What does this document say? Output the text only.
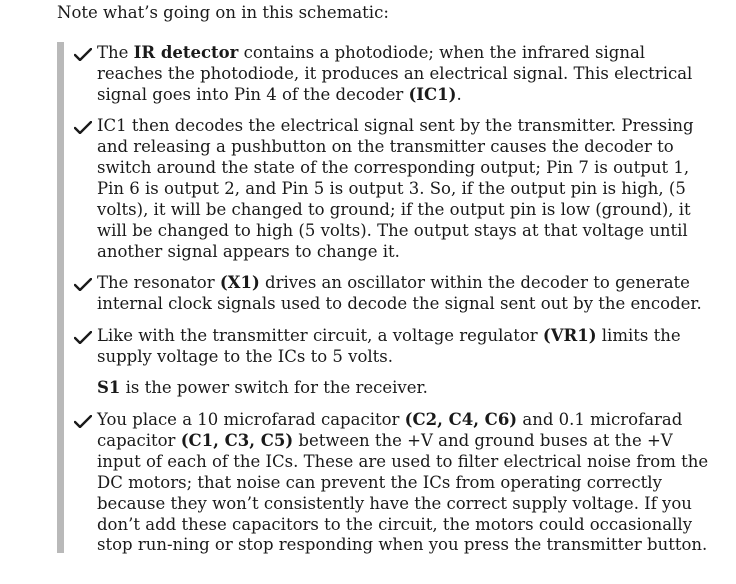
Note what’s going on in this schematic:

The IR detector contains a photodiode; when the infrared signal reaches the photodiode, it produces an electrical signal. This electrical signal goes into Pin 4 of the decoder (IC1).
IC1 then decodes the electrical signal sent by the transmitter. Pressing and releasing a pushbutton on the transmitter causes the decoder to switch around the state of the corresponding output; Pin 7 is output 1, Pin 6 is output 2, and Pin 5 is output 3. So, if the output pin is high, (5 volts), it will be changed to ground; if the output pin is low (ground), it will be changed to high (5 volts). The output stays at that voltage until another signal appears to change it.
The resonator (X1) drives an oscillator within the decoder to generate internal clock signals used to decode the signal sent out by the encoder.
Like with the transmitter circuit, a voltage regulator (VR1) limits the supply voltage to the ICs to 5 volts.
S1 is the power switch for the receiver.
You place a 10 microfarad capacitor (C2, C4, C6) and 0.1 microfarad capacitor (C1, C3, C5) between the +V and ground buses at the +V input of each of the ICs. These are used to filter electrical noise from the DC motors; that noise can prevent the ICs from operating correctly because they won’t consistently have the correct supply voltage. If you don’t add these capacitors to the circuit, the motors could occasionally stop run-ning or stop responding when you press the transmitter button.
